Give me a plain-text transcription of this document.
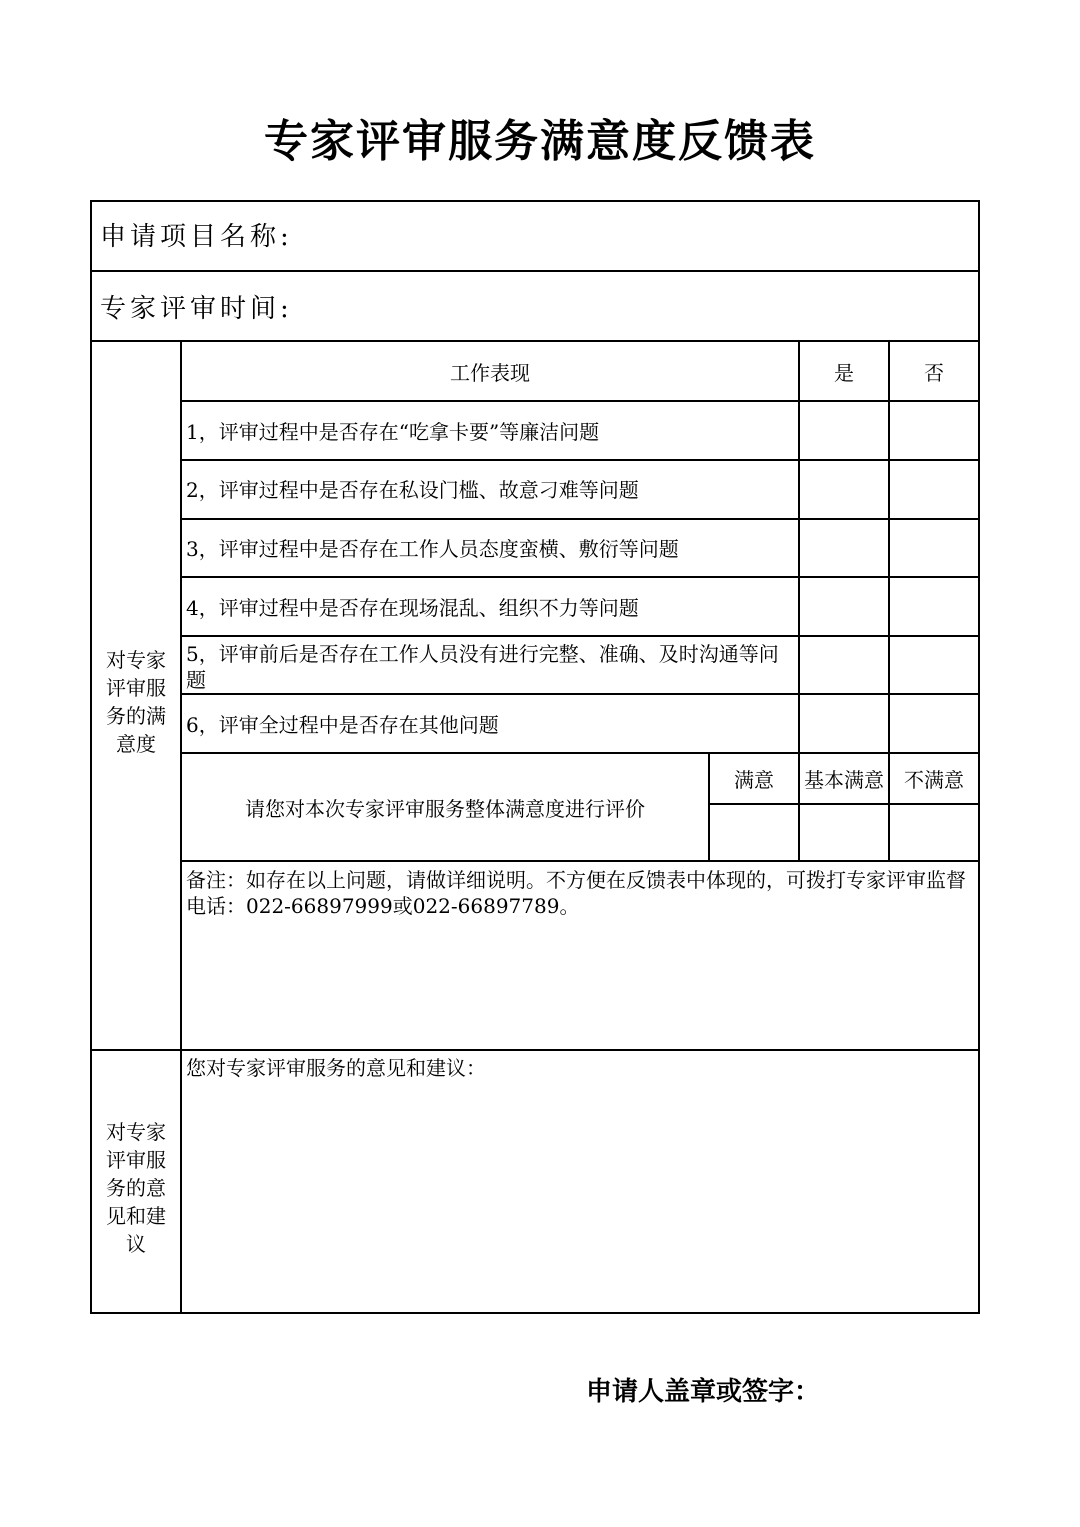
专家评审服务满意度反馈表
申请项目名称:
专家评审时间:
对专家评审服务的满意度
工作表现	是	否
1，评审过程中是否存在“吃拿卡要”等廉洁问题
2，评审过程中是否存在私设门槛、故意刁难等问题
3，评审过程中是否存在工作人员态度蛮横、敷衍等问题
4，评审过程中是否存在现场混乱、组织不力等问题
5，评审前后是否存在工作人员没有进行完整、准确、及时沟通等问题
6，评审全过程中是否存在其他问题
请您对本次专家评审服务整体满意度进行评价
满意	基本满意	不满意
备注：如存在以上问题，请做详细说明。不方便在反馈表中体现的，可拨打专家评审监督电话：022-66897999或022-66897789。
对专家评审服务的意见和建议
您对专家评审服务的意见和建议：
申请人盖章或签字：
